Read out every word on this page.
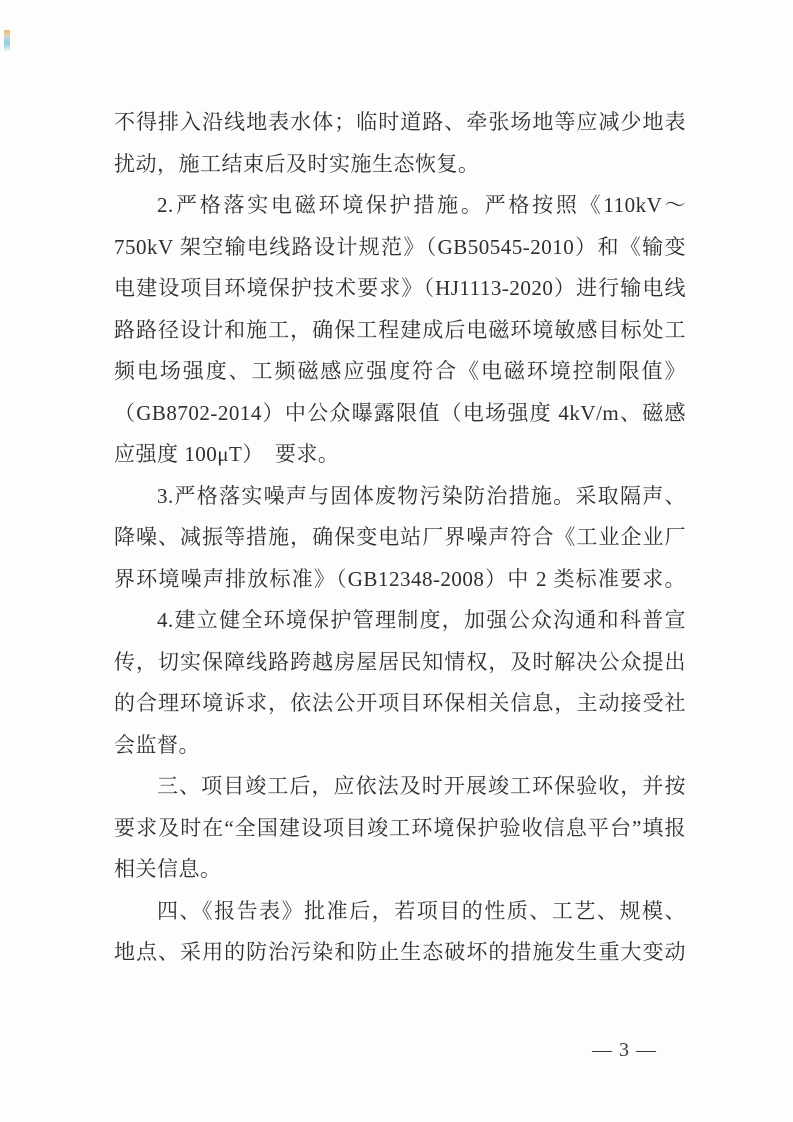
不得排入沿线地表水体；临时道路、牵张场地等应减少地表
扰动，施工结束后及时实施生态恢复。
2.严格落实电磁环境保护措施。严格按照《110kV～
750kV 架空输电线路设计规范》（GB50545-2010）和《输变
电建设项目环境保护技术要求》（HJ1113-2020）进行输电线
路路径设计和施工，确保工程建成后电磁环境敏感目标处工
频电场强度、工频磁感应强度符合《电磁环境控制限值》
（GB8702-2014）中公众曝露限值（电场强度 4kV/m、磁感
应强度 100μT）　要求。
3.严格落实噪声与固体废物污染防治措施。采取隔声、
降噪、减振等措施，确保变电站厂界噪声符合《工业企业厂
界环境噪声排放标准》（GB12348-2008）中 2 类标准要求。
4.建立健全环境保护管理制度，加强公众沟通和科普宣
传，切实保障线路跨越房屋居民知情权，及时解决公众提出
的合理环境诉求，依法公开项目环保相关信息，主动接受社
会监督。
三、项目竣工后，应依法及时开展竣工环保验收，并按
要求及时在“全国建设项目竣工环境保护验收信息平台”填报
相关信息。
四、《报告表》批准后，若项目的性质、工艺、规模、
地点、采用的防治污染和防止生态破坏的措施发生重大变动
— 3 —
